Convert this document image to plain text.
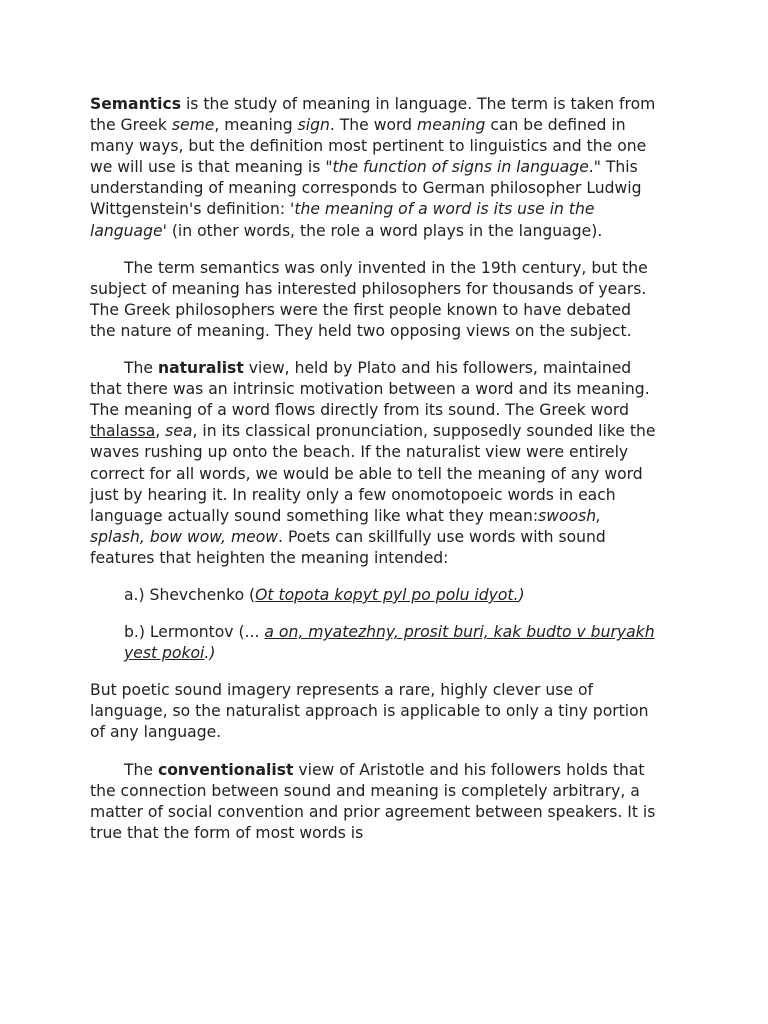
Semantics is the study of meaning in language. The term is taken from the Greek seme, meaning sign. The word meaning can be defined in many ways, but the definition most pertinent to linguistics and the one we will use is that meaning is "the function of signs in language." This understanding of meaning corresponds to German philosopher Ludwig Wittgenstein's definition: 'the meaning of a word is its use in the language' (in other words, the role a word plays in the language).

The term semantics was only invented in the 19th century, but the subject of meaning has interested philosophers for thousands of years. The Greek philosophers were the first people known to have debated the nature of meaning. They held two opposing views on the subject.

The naturalist view, held by Plato and his followers, maintained that there was an intrinsic motivation between a word and its meaning. The meaning of a word flows directly from its sound. The Greek word thalassa, sea, in its classical pronunciation, supposedly sounded like the waves rushing up onto the beach. If the naturalist view were entirely correct for all words, we would be able to tell the meaning of any word just by hearing it. In reality only a few onomotopoeic words in each language actually sound something like what they mean:swoosh, splash, bow wow, meow. Poets can skillfully use words with sound features that heighten the meaning intended:

a.) Shevchenko (Ot topota kopyt pyl po polu idyot.)

b.) Lermontov (... a on, myatezhny, prosit buri, kak budto v buryakh yest pokoi.)

But poetic sound imagery represents a rare, highly clever use of language, so the naturalist approach is applicable to only a tiny portion of any language.

The conventionalist view of Aristotle and his followers holds that the connection between sound and meaning is completely arbitrary, a matter of social convention and prior agreement between speakers. It is true that the form of most words is
